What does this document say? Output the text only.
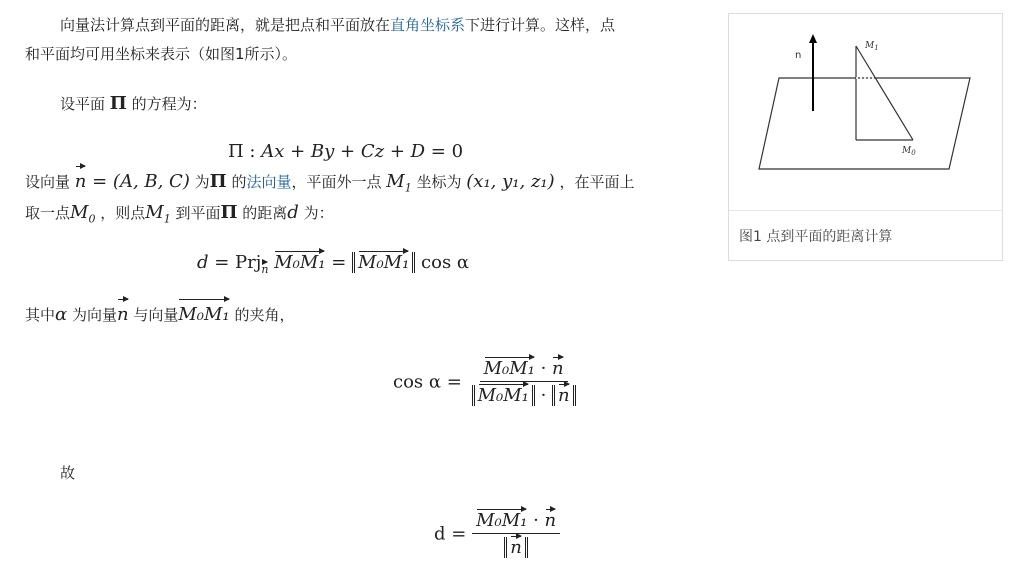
向量法计算点到平面的距离，就是把点和平面放在直角坐标系下进行计算。这样，点
和平面均可用坐标来表示（如图1所示）。
设平面 Π 的方程为：
Π : Ax + By + Cz + D = 0
设向量 n = (A, B, C) 为Π 的法向量，平面外一点 $M_1$ 坐标为 (x₁, y₁, z₁) ，在平面上
取一点$M_0$ ，则点$M_1$ 到平面Π 的距离d 为：
d = Prj$_n$ M₀M₁ = M₀M₁ cos α
其中α 为向量n 与向量M₀M₁ 的夹角，
$\cos \alpha = \frac{\text{M₀M₁ · n}}{\text{M₀M₁ · n}}$
故
$d = \frac{\text{M₀M₁ · n}}{n}$
n
$M_1$
$M_0$
图1 点到平面的距离计算
